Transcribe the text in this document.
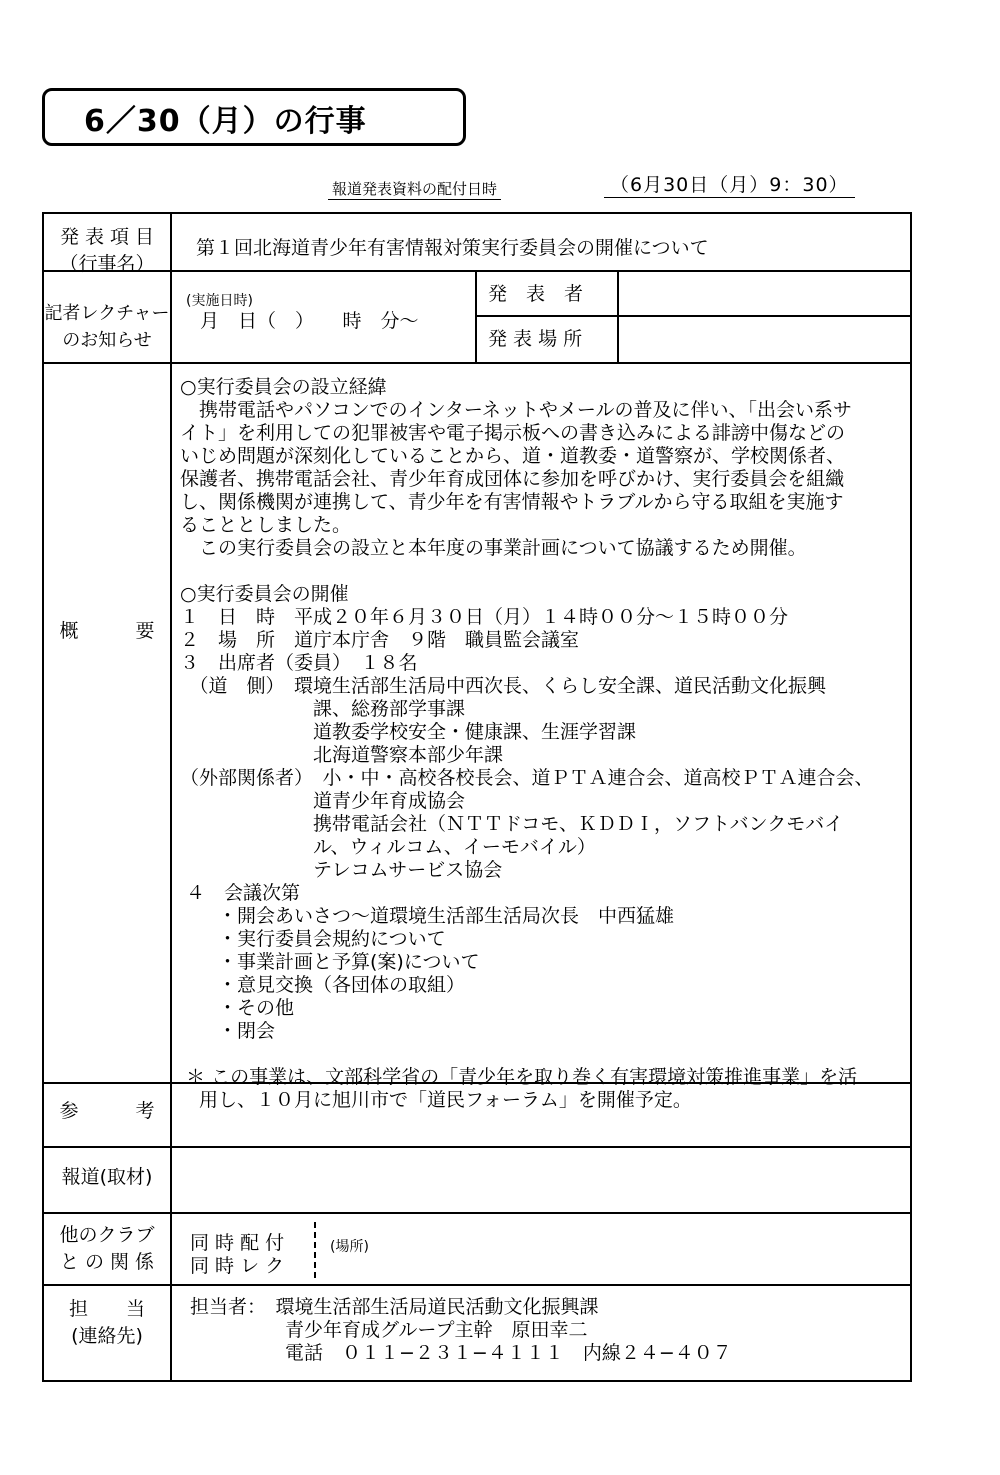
6／30（月）の行事
報道発表資料の配付日時	（6月30日（月）9：30）
発 表 項 目
（行事名）
第１回北海道青少年有害情報対策実行委員会の開催について
記者レクチャー
のお知らせ
(実施日時)
月　日（　）　　時　分〜
発　表　者
発 表 場 所
概　　　要
○実行委員会の設立経緯
　携帯電話やパソコンでのインターネットやメールの普及に伴い、「出会い系サ
イト」を利用しての犯罪被害や電子掲示板への書き込みによる誹謗中傷などの
いじめ問題が深刻化していることから、道・道教委・道警察が、学校関係者、
保護者、携帯電話会社、青少年育成団体に参加を呼びかけ、実行委員会を組織
し、関係機関が連携して、青少年を有害情報やトラブルから守る取組を実施す
ることとしました。
　この実行委員会の設立と本年度の事業計画について協議するため開催。

○実行委員会の開催
１　日　時　平成２０年６月３０日（月）１４時００分〜１５時００分
２　場　所　道庁本庁舎　９階　職員監会議室
３　出席者（委員）　１８名
　（道　側）　環境生活部生活局中西次長、くらし安全課、道民活動文化振興
　　　　　　　課、総務部学事課
　　　　　　　道教委学校安全・健康課、生涯学習課
　　　　　　　北海道警察本部少年課
（外部関係者）　小・中・高校各校長会、道ＰＴＡ連合会、道高校ＰＴＡ連合会、
　　　　　　　道青少年育成協会
　　　　　　　携帯電話会社（ＮＴＴドコモ、ＫＤＤＩ，ソフトバンクモバイ
　　　　　　　ル、ウィルコム、イーモバイル）
　　　　　　　テレコムサービス協会
４　会議次第
　　・開会あいさつ〜道環境生活部生活局次長　中西猛雄
　　・実行委員会規約について
　　・事業計画と予算(案)について
　　・意見交換（各団体の取組）
　　・その他
　　・閉会

＊ この事業は、文部科学省の「青少年を取り巻く有害環境対策推進事業」を活
　用し、１０月に旭川市で「道民フォーラム」を開催予定。
参　　　考
報道(取材)
他のクラブ
と の 関 係
同 時 配 付
同 時 レ ク
(場所)
担　　当
(連絡先)
担当者：　環境生活部生活局道民活動文化振興課
　　　　　青少年育成グループ主幹　原田幸二
　　　　　電話　０１１−２３１−４１１１　内線２４−４０７
